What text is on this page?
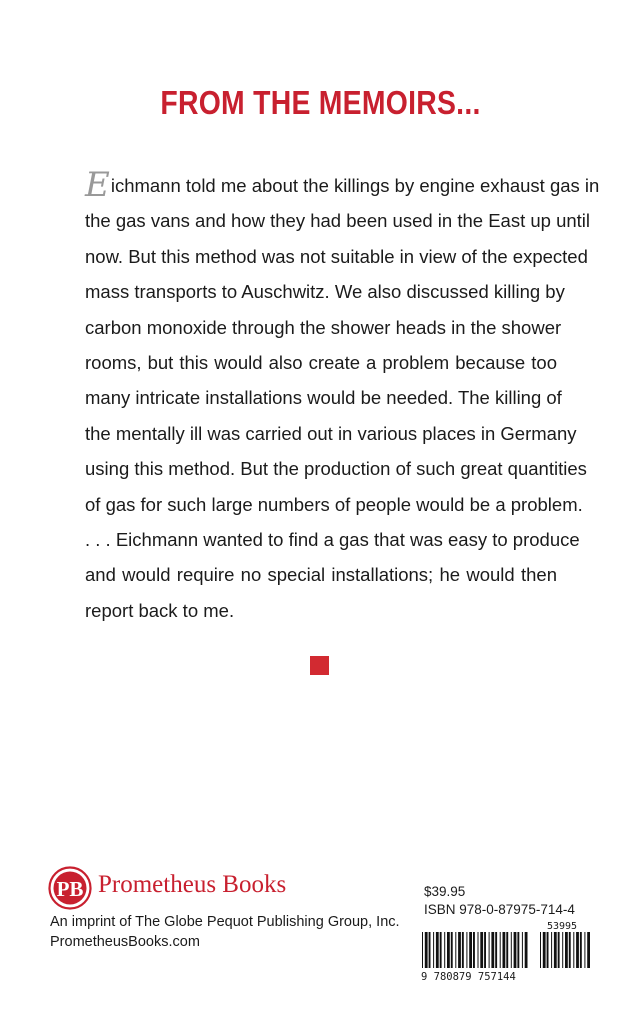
FROM THE MEMOIRS...
Eichmann told me about the killings by engine exhaust gas in
the gas vans and how they had been used in the East up until
now. But this method was not suitable in view of the expected
mass transports to Auschwitz. We also discussed killing by
carbon monoxide through the shower heads in the shower
rooms, but this would also create a problem because too
many intricate installations would be needed. The killing of
the mentally ill was carried out in various places in Germany
using this method. But the production of such great quantities
of gas for such large numbers of people would be a problem.
. . . Eichmann wanted to find a gas that was easy to produce
and would require no special installations; he would then
report back to me.
PB Prometheus Books
An imprint of The Globe Pequot Publishing Group, Inc.
PrometheusBooks.com
$39.95
ISBN 978-0-87975-714-4
53995
9 780879 757144
